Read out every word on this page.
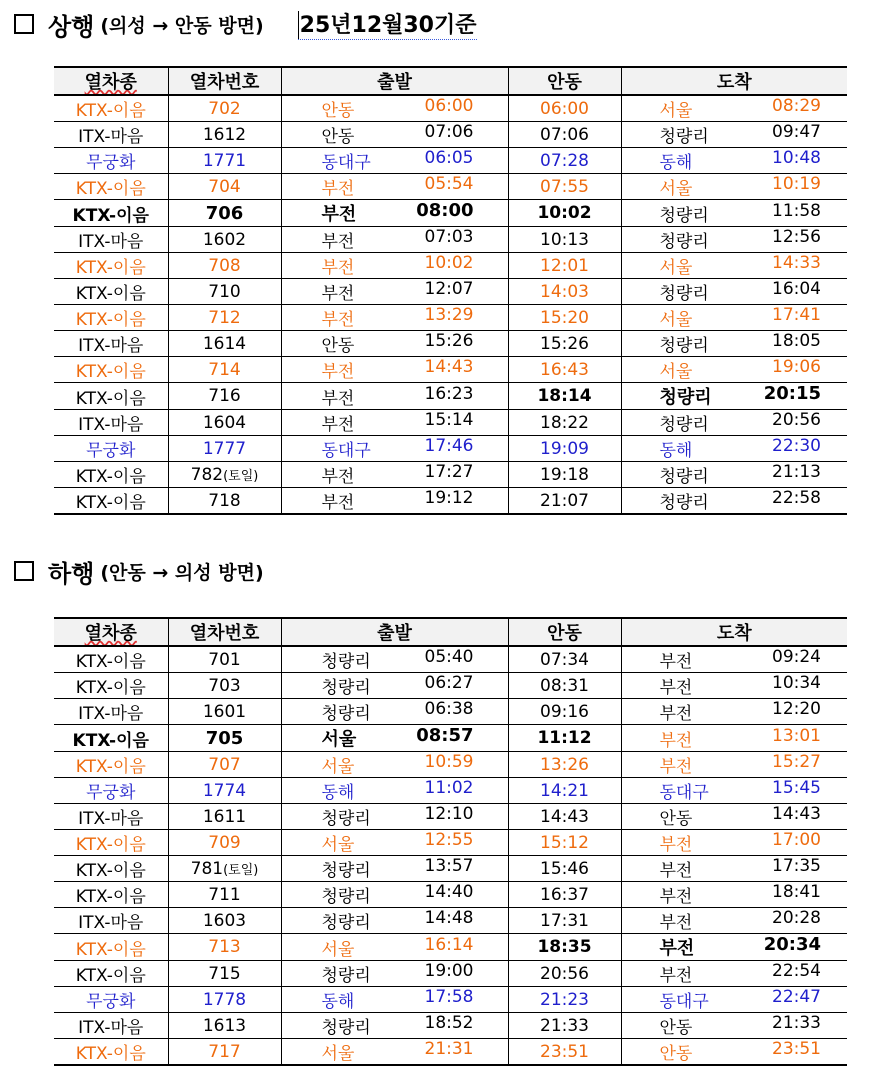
상행 (의성 → 안동 방면) 25년12월30기준
열차종	열차번호	출발	안동	도착
KTX-이음	702	안동 06:00	06:00	서울 08:29

ITX-마음	1612	안동 07:06	07:06	청량리 09:47

무궁화	1771	동대구 06:05	07:28	동해 10:48

KTX-이음	704	부전 05:54	07:55	서울 10:19

KTX-이음	706	부전 08:00	10:02	청량리 11:58

ITX-마음	1602	부전 07:03	10:13	청량리 12:56

KTX-이음	708	부전 10:02	12:01	서울 14:33

KTX-이음	710	부전 12:07	14:03	청량리 16:04

KTX-이음	712	부전 13:29	15:20	서울 17:41

ITX-마음	1614	안동 15:26	15:26	청량리 18:05

KTX-이음	714	부전 14:43	16:43	서울 19:06

KTX-이음	716	부전 16:23	18:14	청량리 20:15

ITX-마음	1604	부전 15:14	18:22	청량리 20:56

무궁화	1777	동대구 17:46	19:09	동해 22:30

KTX-이음	782(토일)	부전 17:27	19:18	청량리 21:13

KTX-이음	718	부전 19:12	21:07	청량리 22:58
하행 (안동 → 의성 방면)
열차종	열차번호	출발	안동	도착
KTX-이음	701	청량리 05:40	07:34	부전 09:24

KTX-이음	703	청량리 06:27	08:31	부전 10:34

ITX-마음	1601	청량리 06:38	09:16	부전 12:20

KTX-이음	705	서울 08:57	11:12	부전 13:01

KTX-이음	707	서울 10:59	13:26	부전 15:27

무궁화	1774	동해 11:02	14:21	동대구 15:45

ITX-마음	1611	청량리 12:10	14:43	안동 14:43

KTX-이음	709	서울 12:55	15:12	부전 17:00

KTX-이음	781(토일)	청량리 13:57	15:46	부전 17:35

KTX-이음	711	청량리 14:40	16:37	부전 18:41

ITX-마음	1603	청량리 14:48	17:31	부전 20:28

KTX-이음	713	서울 16:14	18:35	부전 20:34

KTX-이음	715	청량리 19:00	20:56	부전 22:54

무궁화	1778	동해 17:58	21:23	동대구 22:47

ITX-마음	1613	청량리 18:52	21:33	안동 21:33

KTX-이음	717	서울 21:31	23:51	안동 23:51
